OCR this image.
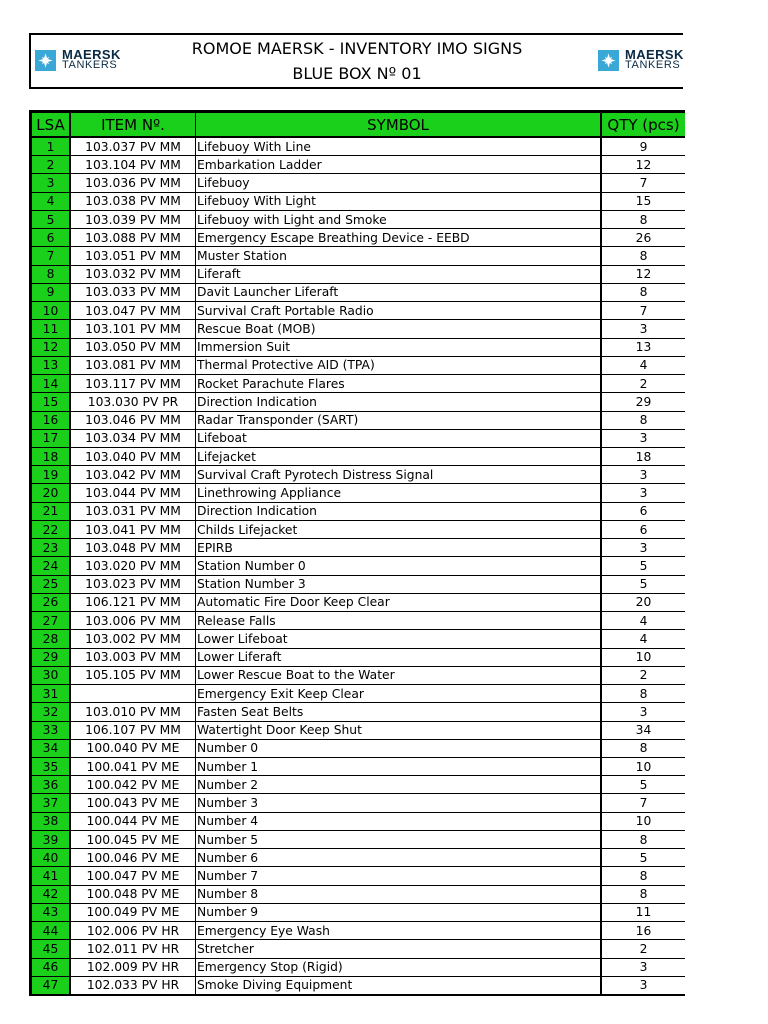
MAERSK
TANKERS
ROMOE MAERSK - INVENTORY IMO SIGNS
BLUE BOX Nº 01
MAERSK
TANKERS
LSA	ITEM Nº.	SYMBOL	QTY (pcs)
1	103.037 PV MM	Lifebuoy With Line	9
2	103.104 PV MM	Embarkation Ladder	12
3	103.036 PV MM	Lifebuoy	7
4	103.038 PV MM	Lifebuoy With Light	15
5	103.039 PV MM	Lifebuoy with Light and Smoke	8
6	103.088 PV MM	Emergency Escape Breathing Device - EEBD	26
7	103.051 PV MM	Muster Station	8
8	103.032 PV MM	Liferaft	12
9	103.033 PV MM	Davit Launcher Liferaft	8
10	103.047 PV MM	Survival Craft Portable Radio	7
11	103.101 PV MM	Rescue Boat (MOB)	3
12	103.050 PV MM	Immersion Suit	13
13	103.081 PV MM	Thermal Protective AID (TPA)	4
14	103.117 PV MM	Rocket Parachute Flares	2
15	103.030 PV PR	Direction Indication	29
16	103.046 PV MM	Radar Transponder (SART)	8
17	103.034 PV MM	Lifeboat	3
18	103.040 PV MM	Lifejacket	18
19	103.042 PV MM	Survival Craft Pyrotech Distress Signal	3
20	103.044 PV MM	Linethrowing Appliance	3
21	103.031 PV MM	Direction Indication	6
22	103.041 PV MM	Childs Lifejacket	6
23	103.048 PV MM	EPIRB	3
24	103.020 PV MM	Station Number 0	5
25	103.023 PV MM	Station Number 3	5
26	106.121 PV MM	Automatic Fire Door Keep Clear	20
27	103.006 PV MM	Release Falls	4
28	103.002 PV MM	Lower Lifeboat	4
29	103.003 PV MM	Lower Liferaft	10
30	105.105 PV MM	Lower Rescue Boat to the Water	2
31		Emergency Exit Keep Clear	8
32	103.010 PV MM	Fasten Seat Belts	3
33	106.107 PV MM	Watertight Door Keep Shut	34
34	100.040 PV ME	Number 0	8
35	100.041 PV ME	Number 1	10
36	100.042 PV ME	Number 2	5
37	100.043 PV ME	Number 3	7
38	100.044 PV ME	Number 4	10
39	100.045 PV ME	Number 5	8
40	100.046 PV ME	Number 6	5
41	100.047 PV ME	Number 7	8
42	100.048 PV ME	Number 8	8
43	100.049 PV ME	Number 9	11
44	102.006 PV HR	Emergency Eye Wash	16
45	102.011 PV HR	Stretcher	2
46	102.009 PV HR	Emergency Stop (Rigid)	3
47	102.033 PV HR	Smoke Diving Equipment	3
